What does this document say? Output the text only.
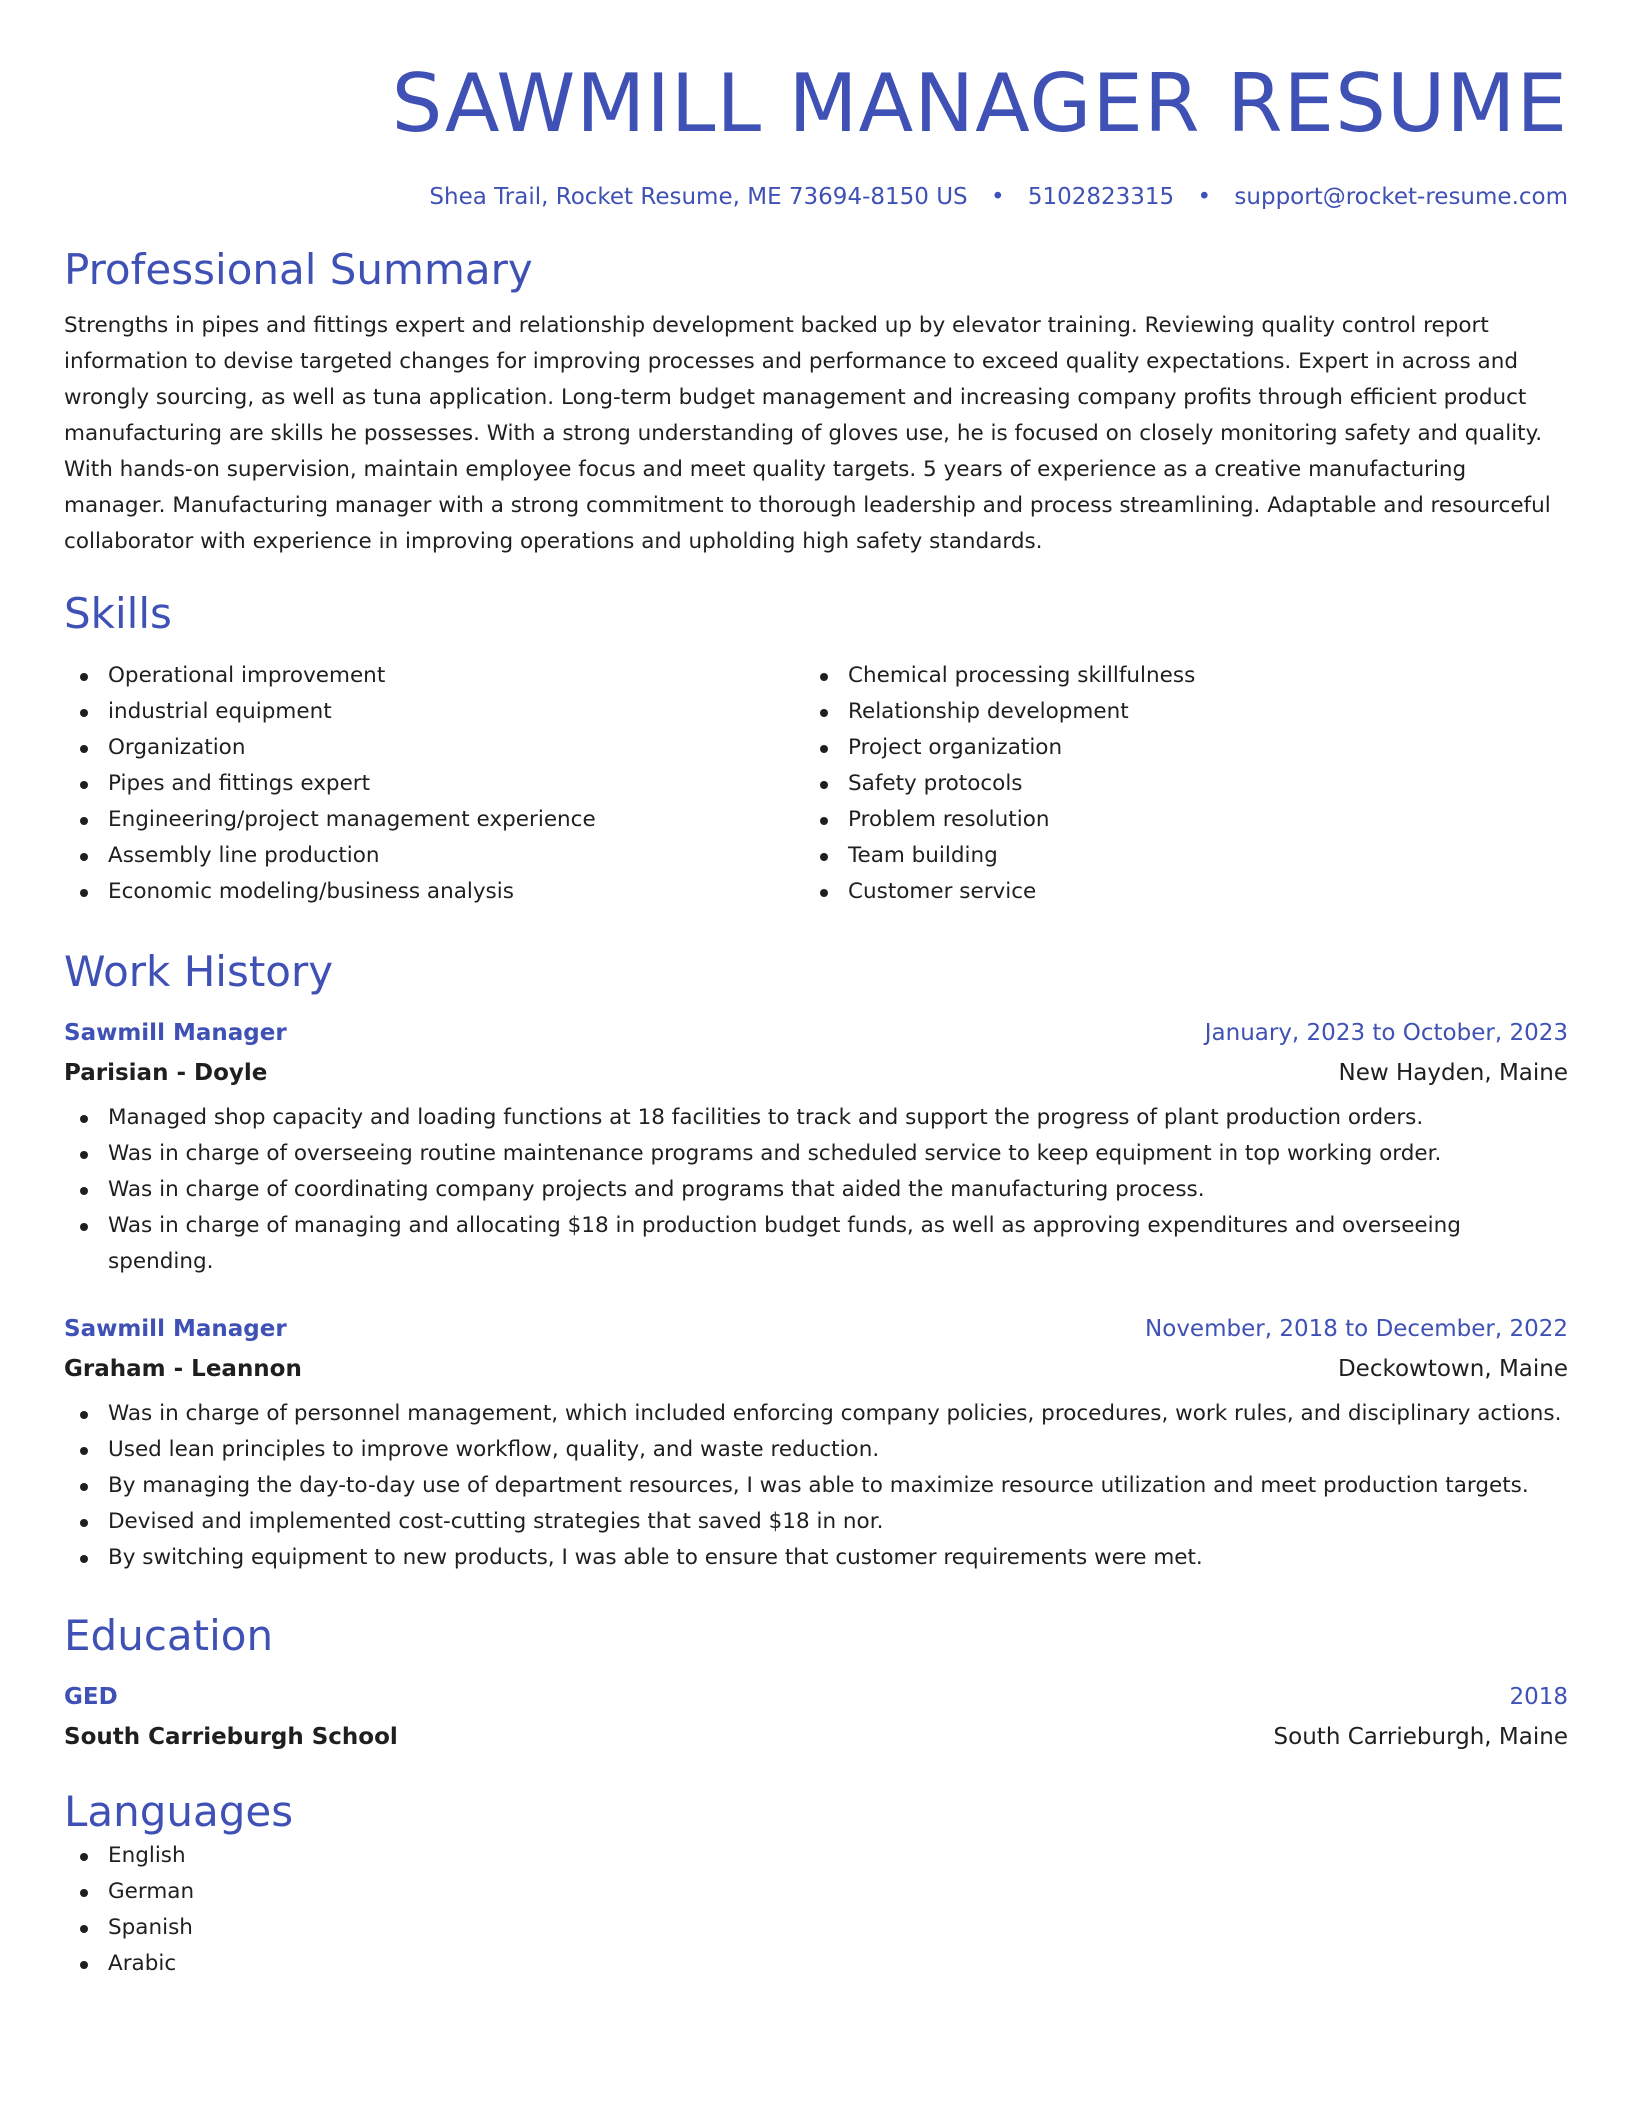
SAWMILL MANAGER RESUME
Shea Trail, Rocket Resume, ME 73694-8150 US • 5102823315 • support@rocket-resume.com
Professional Summary
Strengths in pipes and fittings expert and relationship development backed up by elevator training. Reviewing quality control report information to devise targeted changes for improving processes and performance to exceed quality expectations. Expert in across and wrongly sourcing, as well as tuna application. Long-term budget management and increasing company profits through efficient product manufacturing are skills he possesses. With a strong understanding of gloves use, he is focused on closely monitoring safety and quality. With hands-on supervision, maintain employee focus and meet quality targets. 5 years of experience as a creative manufacturing manager. Manufacturing manager with a strong commitment to thorough leadership and process streamlining. Adaptable and resourceful collaborator with experience in improving operations and upholding high safety standards.
Skills
Operational improvement
industrial equipment
Organization
Pipes and fittings expert
Engineering/project management experience
Assembly line production
Economic modeling/business analysis
Chemical processing skillfulness
Relationship development
Project organization
Safety protocols
Problem resolution
Team building
Customer service
Work History
Sawmill Manager	January, 2023 to October, 2023
Parisian - Doyle	New Hayden, Maine
Managed shop capacity and loading functions at 18 facilities to track and support the progress of plant production orders.
Was in charge of overseeing routine maintenance programs and scheduled service to keep equipment in top working order.
Was in charge of coordinating company projects and programs that aided the manufacturing process.
Was in charge of managing and allocating $18 in production budget funds, as well as approving expenditures and overseeing spending.
Sawmill Manager	November, 2018 to December, 2022
Graham - Leannon	Deckowtown, Maine
Was in charge of personnel management, which included enforcing company policies, procedures, work rules, and disciplinary actions.
Used lean principles to improve workflow, quality, and waste reduction.
By managing the day-to-day use of department resources, I was able to maximize resource utilization and meet production targets.
Devised and implemented cost-cutting strategies that saved $18 in nor.
By switching equipment to new products, I was able to ensure that customer requirements were met.
Education
GED	2018
South Carrieburgh School	South Carrieburgh, Maine
Languages
English
German
Spanish
Arabic
